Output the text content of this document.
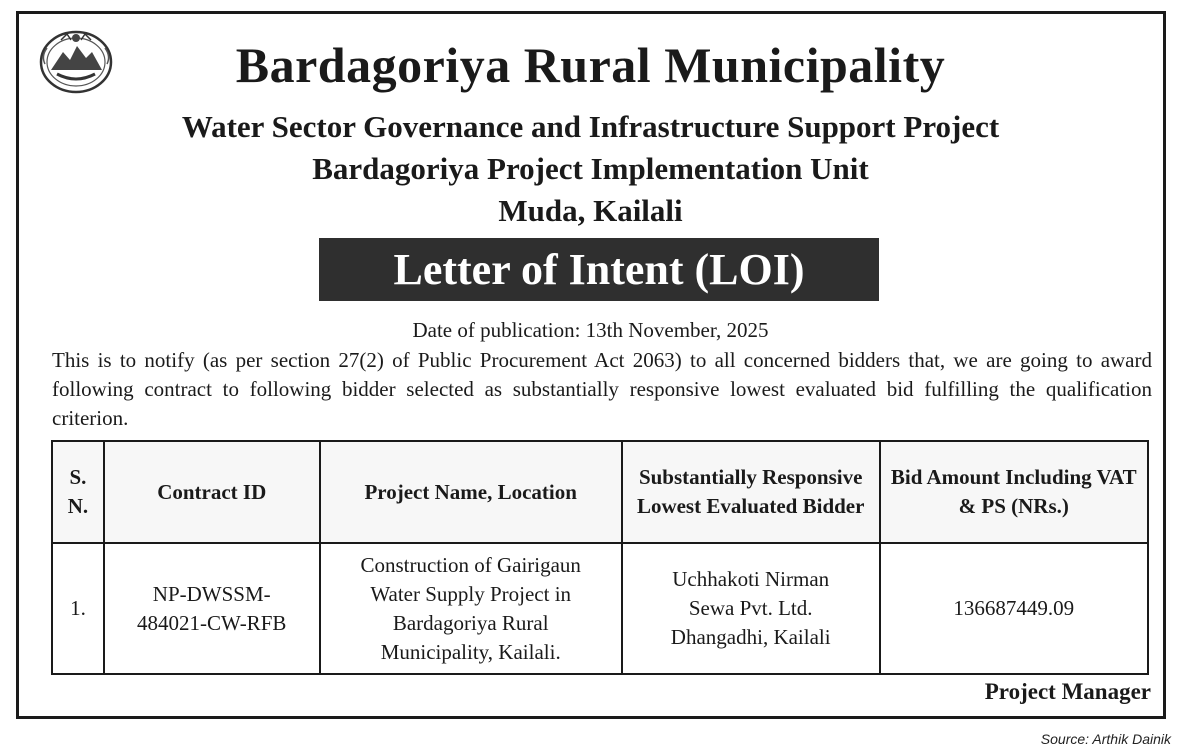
Bardagoriya Rural Municipality
Water Sector Governance and Infrastructure Support Project
Bardagoriya Project Implementation Unit
Muda, Kailali
Letter of Intent (LOI)
Date of publication: 13th November, 2025
This is to notify (as per section 27(2) of Public Procurement Act 2063) to all concerned bidders that, we are going to award following contract to following bidder selected as substantially responsive lowest evaluated bid fulfilling the qualification criterion.
S. N.	Contract ID	Project Name, Location	Substantially Responsive Lowest Evaluated Bidder	Bid Amount Including VAT & PS (NRs.)
1.	NP-DWSSM-484021-CW-RFB	Construction of Gairigaun Water Supply Project in Bardagoriya Rural Municipality, Kailali.	Uchhakoti Nirman Sewa Pvt. Ltd. Dhangadhi, Kailali	136687449.09
Project Manager
Source: Arthik Dainik
